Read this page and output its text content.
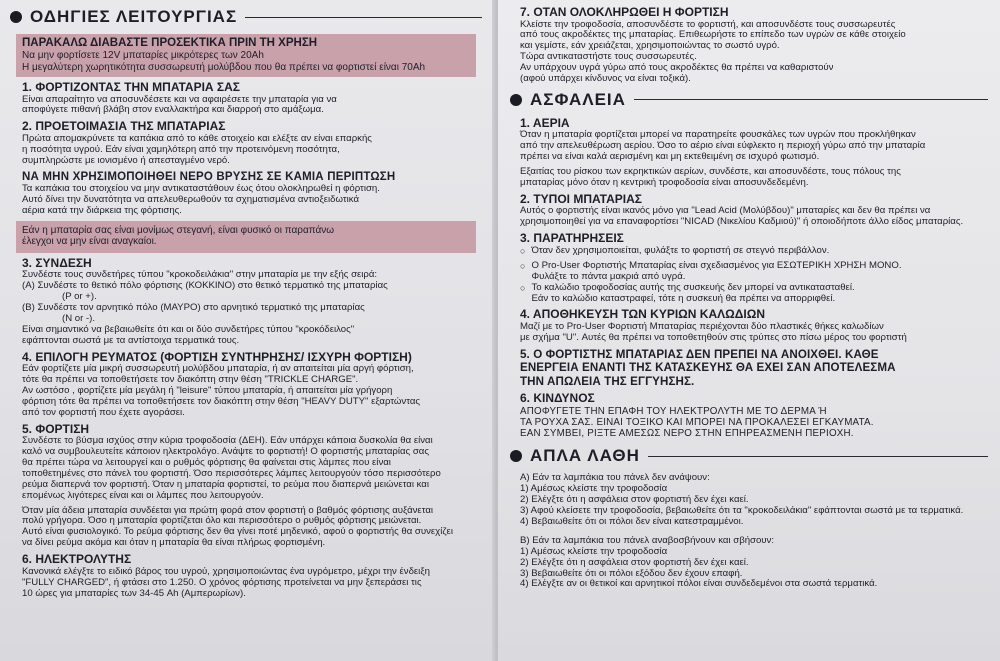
ΟΔΗΓΙΕΣ ΛΕΙΤΟΥΡΓΙΑΣ
ΠΑΡΑΚΑΛΩ ΔΙΑΒΑΣΤΕ ΠΡΟΣΕΚΤΙΚΑ ΠΡΙΝ ΤΗ ΧΡΗΣΗ
Να μην φορτίσετε 12V μπαταρίες μικρότερες των 20Ah
Η μεγαλύτερη χωρητικότητα συσσωρευτή μολύβδου που θα πρέπει να φορτιστεί είναι 70Ah
1. ΦΟΡΤΙΖΟΝΤΑΣ ΤΗΝ ΜΠΑΤΑΡΙΑ ΣΑΣ
Είναι απαραίτητο να αποσυνδέσετε και να αφαιρέσετε την μπαταρία για να
αποφύγετε πιθανή βλάβη στον εναλλακτήρα και διαρροή στο αμάξωμα.
2. ΠΡΟΕΤΟΙΜΑΣΙΑ ΤΗΣ ΜΠΑΤΑΡΙΑΣ
Πρώτα απομακρύνετε τα καπάκια από το κάθε στοιχείο και ελέξτε αν είναι επαρκής
η ποσότητα υγρού. Εάν είναι χαμηλότερη από την προτεινόμενη ποσότητα,
συμπληρώστε με ιονισμένο ή απεσταγμένο νερό.
ΝΑ ΜΗΝ ΧΡΗΣΙΜΟΠΟΙΗΘΕΙ ΝΕΡΟ ΒΡΥΣΗΣ ΣΕ ΚΑΜΙΑ ΠΕΡΙΠΤΩΣΗ
Τα καπάκια του στοιχείου να μην αντικαταστάθουν έως ότου ολοκληρωθεί η φόρτιση.
Αυτό δίνει την δυνατότητα να απελευθερωθούν τα σχηματισμένα αντιοξειδωτικά
αέρια κατά την διάρκεια της φόρτισης.
Εάν η μπαταρία σας είναι μονίμως στεγανή, είναι φυσικό οι παραπάνω
έλεγχοι να μην είναι αναγκαίοι.
3. ΣΥΝΔΕΣΗ
Συνδέστε τους συνδετήρες τύπου "κροκοδειλάκια" στην μπαταρία με την εξής σειρά:
(Α) Συνδέστε το θετικό πόλο φόρτισης (ΚΟΚΚΙΝΟ) στο θετικό τερματικό της μπαταρίας
(P or +).
(Β) Συνδέστε τον αρνητικό πόλο (ΜΑΥΡΟ) στο αρνητικό τερματικό της μπαταρίας
(N or -).
Είναι σημαντικό να βεβαιωθείτε ότι και οι δύο συνδετήρες τύπου "κροκόδειλος"
εφάπτονται σωστά με τα αντίστοιχα τερματικά τους.
4. ΕΠΙΛΟΓΗ ΡΕΥΜΑΤΟΣ (ΦΟΡΤΙΣΗ ΣΥΝΤΗΡΗΣΗΣ/ ΙΣΧΥΡΗ ΦΟΡΤΙΣΗ)
Εάν φορτίζετε μία μικρή συσσωρευτή μολύβδου μπαταρία, ή αν απαιτείται μία αργή φόρτιση,
τότε θα πρέπει να τοποθετήσετε τον διακόπτη στην θέση "TRICKLE CHARGE".
Αν ωστόσο , φορτίζετε μία μεγάλη ή "leisure" τύπου μπαταρία, ή απαιτείται μία γρήγορη
φόρτιση τότε θα πρέπει να τοποθετήσετε τον διακόπτη στην θέση "HEAVY DUTY" εξαρτώντας
από τον φορτιστή που έχετε αγοράσει.
5. ΦΟΡΤΙΣΗ
Συνδέστε το βύσμα ισχύος στην κύρια τροφοδοσία (ΔΕΗ). Εάν υπάρχει κάποια δυσκολία θα είναι
καλό να συμβουλευτείτε κάποιον ηλεκτρολόγο. Ανάψτε το φορτιστή! Ο φορτιστής μπαταρίας σας
θα πρέπει τώρα να λειτουργεί και ο ρυθμός φόρτισης θα φαίνεται στις λάμπες που είναι
τοποθετημένες στο πάνελ του φορτιστή. Όσο περισσότερες λάμπες λειτουργούν τόσο περισσότερο
ρεύμα διαπερνά τον φορτιστή. Όταν η μπαταρία φορτιστεί, το ρεύμα που διαπερνά μειώνεται και
επομένως λιγότερες είναι και οι λάμπες που λειτουργούν.
Όταν μία άδεια μπαταρία συνδέεται για πρώτη φορά στον φορτιστή ο βαθμός φόρτισης αυξάνεται
πολύ γρήγορα. Όσο η μπαταρία φορτίζεται όλο και περισσότερο ο ρυθμός φόρτισης μειώνεται.
Αυτό είναι φυσιολογικό. Το ρεύμα φόρτισης δεν θα γίνει ποτέ μηδενικό, αφού ο φορτιστής θα συνεχίζει
να δίνει ρεύμα ακόμα και όταν η μπαταρία θα είναι πλήρως φορτισμένη.
6. ΗΛΕΚΤΡΟΛΥΤΗΣ
Κανονικά ελέγξτε το ειδικό βάρος του υγρού, χρησιμοποιώντας ένα υγρόμετρο, μέχρι την ένδειξη
"FULLY CHARGED", ή φτάσει στο 1.250. Ο χρόνος φόρτισης προτείνεται να μην ξεπεράσει τις
10 ώρες για μπαταρίες των 34-45 Ah (Αμπερωρίων).
7. ΟΤΑΝ ΟΛΟΚΛΗΡΩΘΕΙ Η ΦΟΡΤΙΣΗ
Κλείστε την τροφοδοσία, αποσυνδέστε το φορτιστή, και αποσυνδέστε τους συσσωρευτές
από τους ακροδέκτες της μπαταρίας. Επιθεωρήστε το επίπεδο των υγρών σε κάθε στοιχείο
και γεμίστε, εάν χρειάζεται, χρησιμοποιώντας το σωστό υγρό.
Τώρα αντικαταστήστε τους συσσωρευτές.
Αν υπάρχουν υγρά γύρω από τους ακροδέκτες θα πρέπει να καθαριστούν
(αφού υπάρχει κίνδυνος να είναι τοξικά).
ΑΣΦΑΛΕΙΑ
1. ΑΕΡΙΑ
Όταν η μπαταρία φορτίζεται μπορεί να παρατηρείτε φουσκάλες των υγρών που προκλήθηκαν
από την απελευθέρωση αερίου. Όσο το αέριο είναι εύφλεκτο η περιοχή γύρω από την μπαταρία
πρέπει να είναι καλά αερισμένη και μη εκτεθειμένη σε ισχυρό φωτισμό.
Εξαιτίας του ρίσκου των εκρηκτικών αερίων, συνδέστε, και αποσυνδέστε, τους πόλους της
μπαταρίας μόνο όταν η κεντρική τροφοδοσία είναι αποσυνδεδεμένη.
2. ΤΥΠΟΙ ΜΠΑΤΑΡΙΑΣ
Αυτός ο φορτιστής είναι ικανός μόνο για "Lead Acid (Μολύβδου)" μπαταρίες και δεν θα πρέπει να
χρησιμοποιηθεί για να επαναφορτίσει "NICAD (Νικελίου Καδμιού)" ή οποιοδήποτε άλλο είδος μπαταρίας.
3. ΠΑΡΑΤΗΡΗΣΕΙΣ
○ Όταν δεν χρησιμοποιείται, φυλάξτε το φορτιστή σε στεγνό περιβάλλον.
○ Ο Pro-User Φορτιστής Μπαταρίας είναι σχεδιασμένος για ΕΣΩΤΕΡΙΚΗ ΧΡΗΣΗ ΜΟΝΟ.
Φυλάξτε το πάντα μακριά από υγρά.
○ Το καλώδιο τροφοδοσίας αυτής της συσκευής δεν μπορεί να αντικατασταθεί.
Εάν το καλώδιο καταστραφεί, τότε η συσκευή θα πρέπει να απορριφθεί.
4. ΑΠΟΘΗΚΕΥΣΗ ΤΩΝ ΚΥΡΙΩΝ ΚΑΛΩΔΙΩΝ
Μαζί με το Pro-User Φορτιστή Μπαταρίας περιέχονται δύο πλαστικές θήκες καλωδίων
με σχήμα "U". Αυτές θα πρέπει να τοποθετηθούν στις τρύπες στο πίσω μέρος του φορτιστή
5. Ο ΦΟΡΤΙΣΤΗΣ ΜΠΑΤΑΡΙΑΣ ΔΕΝ ΠΡΕΠΕΙ ΝΑ ΑΝΟΙΧΘΕΙ. ΚΑΘΕ
ΕΝΕΡΓΕΙΑ ΕΝΑΝΤΙ ΤΗΣ ΚΑΤΑΣΚΕΥΗΣ ΘΑ ΕΧΕΙ ΣΑΝ ΑΠΟΤΕΛΕΣΜΑ
ΤΗΝ ΑΠΩΛΕΙΑ ΤΗΣ ΕΓΓΥΗΣΗΣ.
6. ΚΙΝΔΥΝΟΣ
ΑΠΟΦΥΓΕΤΕ ΤΗΝ ΕΠΑΦΗ ΤΟΥ ΗΛΕΚΤΡΟΛΥΤΗ ΜΕ ΤΟ ΔΕΡΜΑ Ή
ΤΑ ΡΟΥΧΑ ΣΑΣ. ΕΙΝΑΙ ΤΟΞΙΚΟ ΚΑΙ ΜΠΟΡΕΙ ΝΑ ΠΡΟΚΑΛΕΣΕΙ ΕΓΚΑΥΜΑΤΑ.
ΕΑΝ ΣΥΜΒΕΙ, ΡΙΞΤΕ ΑΜΕΣΩΣ ΝΕΡΟ ΣΤΗΝ ΕΠΗΡΕΑΣΜΕΝΗ ΠΕΡΙΟΧΗ.
ΑΠΛΑ ΛΑΘΗ
Α) Εάν τα λαμπάκια του πάνελ δεν ανάψουν:
1) Αμέσως κλείστε την τροφοδοσία
2) Ελέγξτε ότι η ασφάλεια στον φορτιστή δεν έχει καεί.
3) Αφού κλείσετε την τροφοδοσία, βεβαιωθείτε ότι τα "κροκοδειλάκια" εφάπτονται σωστά με τα τερματικά.
4) Βεβαιωθείτε ότι οι πόλοι δεν είναι κατεστραμμένοι.
Β) Εάν τα λαμπάκια του πάνελ αναβοσβήνουν και σβήσουν:
1) Αμέσως κλείστε την τροφοδοσία
2) Ελέγξτε ότι η ασφάλεια στον φορτιστή δεν έχει καεί.
3) Βεβαιωθείτε ότι οι πόλοι εξόδου δεν έχουν επαφή.
4) Ελέγξτε αν οι θετικοί και αρνητικοί πόλοι είναι συνδεδεμένοι στα σωστά τερματικά.
